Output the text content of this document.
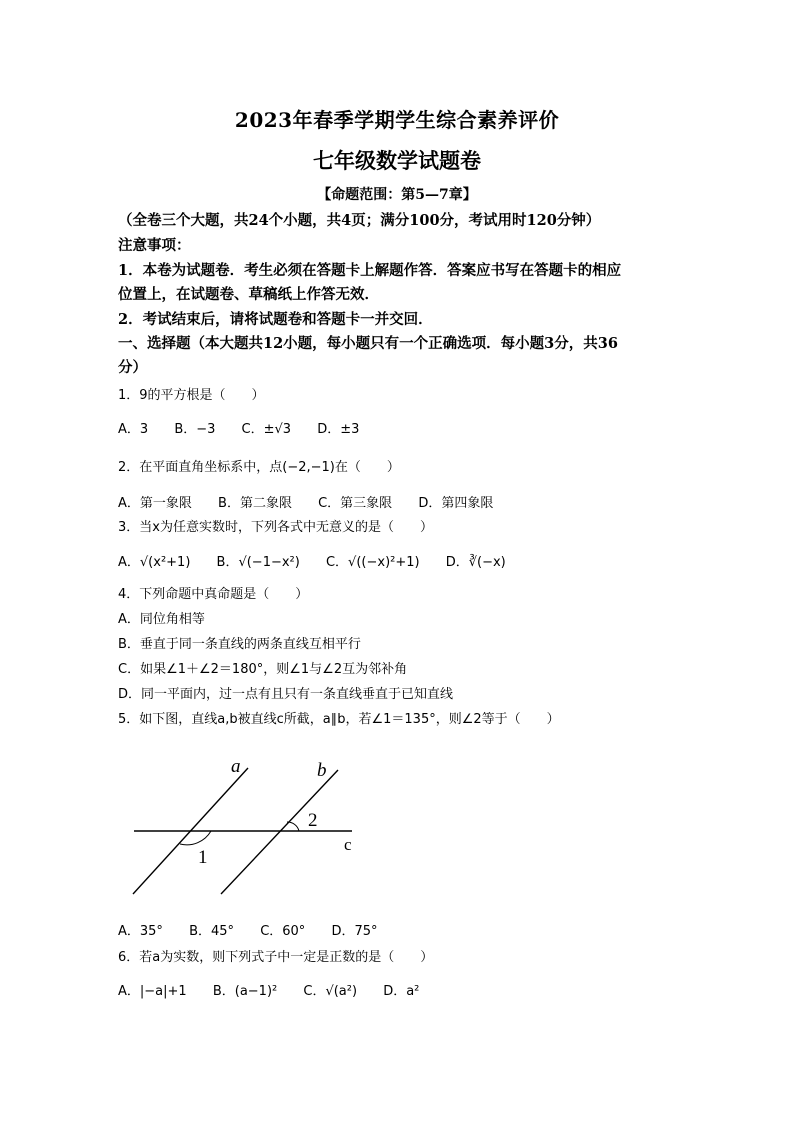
2023年春季学期学生综合素养评价
七年级数学试题卷
【命题范围：第5—7章】
（全卷三个大题，共24个小题，共4页；满分100分，考试用时120分钟）
注意事项：
1．本卷为试题卷．考生必须在答题卡上解题作答．答案应书写在答题卡的相应
位置上，在试题卷、草稿纸上作答无效．
2．考试结束后，请将试题卷和答题卡一并交回．
一、选择题（本大题共12小题，每小题只有一个正确选项．每小题3分，共36
分）
1．9的平方根是（　　）
A．3 B．−3 C．±√3 D．±3
2．在平面直角坐标系中，点(−2,−1)在（　　）
A．第一象限 B．第二象限 C．第三象限 D．第四象限
3．当x为任意实数时，下列各式中无意义的是（　　）
A．√(x²+1) B．√(−1−x²) C．√((−x)²+1) D．∛(−x)
4．下列命题中真命题是（　　）
A．同位角相等
B．垂直于同一条直线的两条直线互相平行
C．如果∠1＋∠2＝180°，则∠1与∠2互为邻补角
D．同一平面内，过一点有且只有一条直线垂直于已知直线
5．如下图，直线a,b被直线c所截，a∥b，若∠1＝135°，则∠2等于（　　）
a	b
c
1
2
A．35° B．45° C．60° D．75°
6．若a为实数，则下列式子中一定是正数的是（　　）
A．|−a|+1 B．(a−1)² C．√(a²) D．a²
